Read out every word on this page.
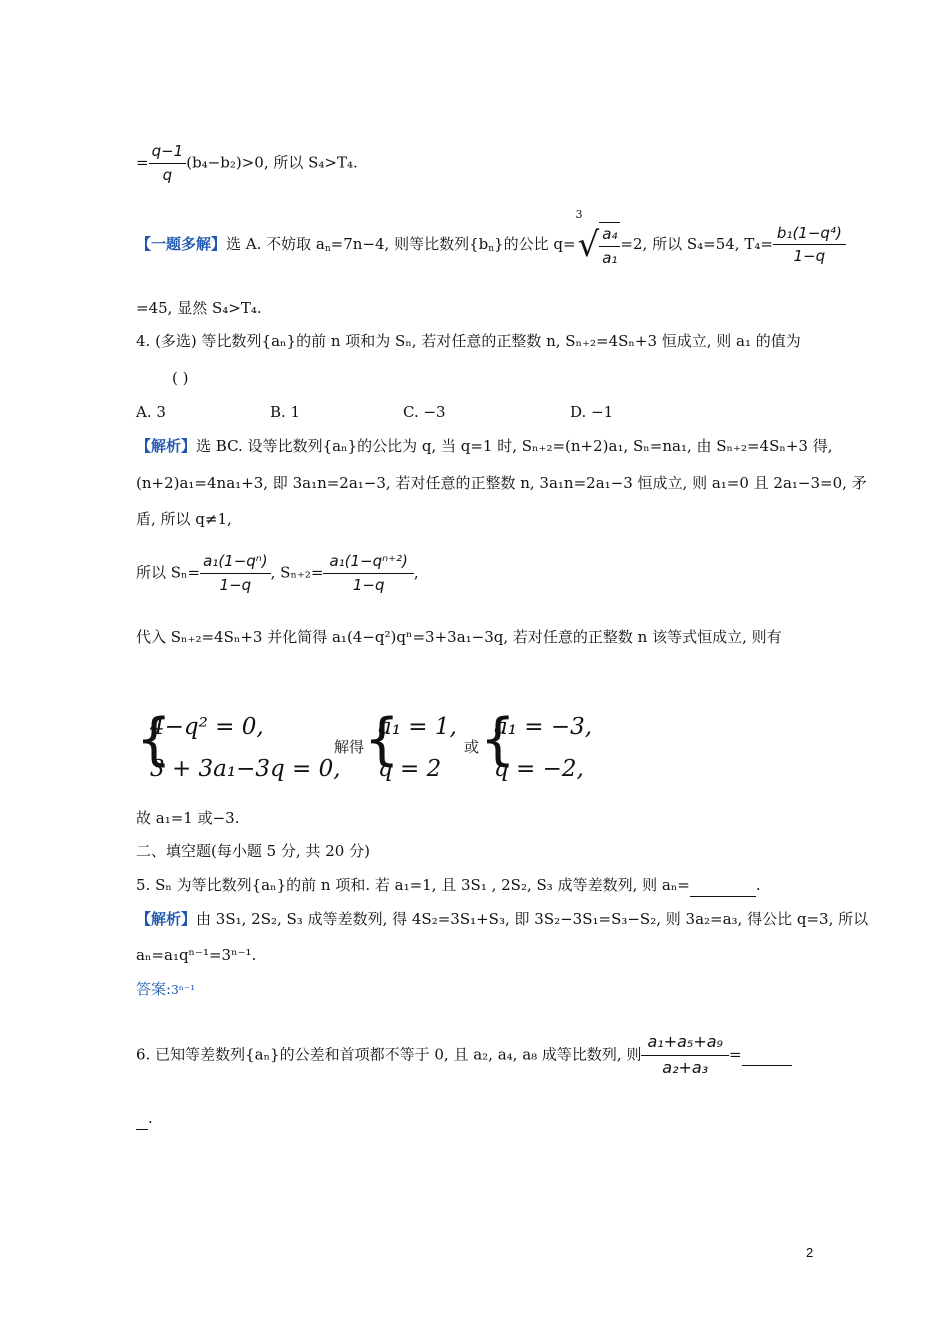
= $\frac{q-1}{q} (b_4-b_2)>0$, 所以 S₄>T₄.
【一题多解】选 A. 不妨取 $a_n=7n-4$, 则等比数列$\{b_n\}$的公比 q=
3
√ $\frac{\text{a₄}}{\text{a₁}} =2$, 所以 S₄=54, $T_4= \frac{\text{b₁(1−q⁴)}}{1-q}$
=45, 显然 S₄>T₄.
4. (多选) 等比数列{aₙ}的前 n 项和为 Sₙ, 若对任意的正整数 n, Sₙ₊₂=4Sₙ+3 恒成立, 则 a₁ 的值为
( )
A. 3	B. 1	C. −3	D. −1
【解析】选 BC. 设等比数列{aₙ}的公比为 q, 当 q=1 时, Sₙ₊₂=(n+2)a₁, Sₙ=na₁, 由 Sₙ₊₂=4Sₙ+3 得,
(n+2)a₁=4na₁+3, 即 3a₁n=2a₁−3, 若对任意的正整数 n, 3a₁n=2a₁−3 恒成立, 则 a₁=0 且 2a₁−3=0, 矛
盾, 所以 q≠1,
所以 $S_n= \frac{\text{a₁(1−qⁿ)}}{1-q}$ , $S_{n+2}= \frac{\text{a₁(1−qⁿ⁺²)}}{1-q}$ ,
代入 Sₙ₊₂=4Sₙ+3 并化简得 a₁(4−q²)qⁿ=3+3a₁−3q, 若对任意的正整数 n 该等式恒成立, 则有
{
4−q² = 0,
3 + 3a₁−3q = 0,
解得 {
a₁ = 1,
q = 2
或 {
a₁ = −3,
q = −2,
故 a₁=1 或−3.
二、填空题(每小题 5 分, 共 20 分)
5. Sₙ 为等比数列{aₙ}的前 n 项和. 若 a₁=1, 且 3S₁ , 2S₂, S₃ 成等差数列, 则 aₙ=	.
【解析】由 3S₁, 2S₂, S₃ 成等差数列, 得 4S₂=3S₁+S₃, 即 3S₂−3S₁=S₃−S₂, 则 3a₂=a₃, 得公比 q=3, 所以
aₙ=a₁qⁿ⁻¹=3ⁿ⁻¹.
答案:3ⁿ⁻¹
6. 已知等差数列{aₙ}的公差和首项都不等于 0, 且 a₂, a₄, a₈ 成等比数列, 则 $\frac{\text{a₁+a₅+a₉}}{\text{a₂+a₃}}$ =
.
2
